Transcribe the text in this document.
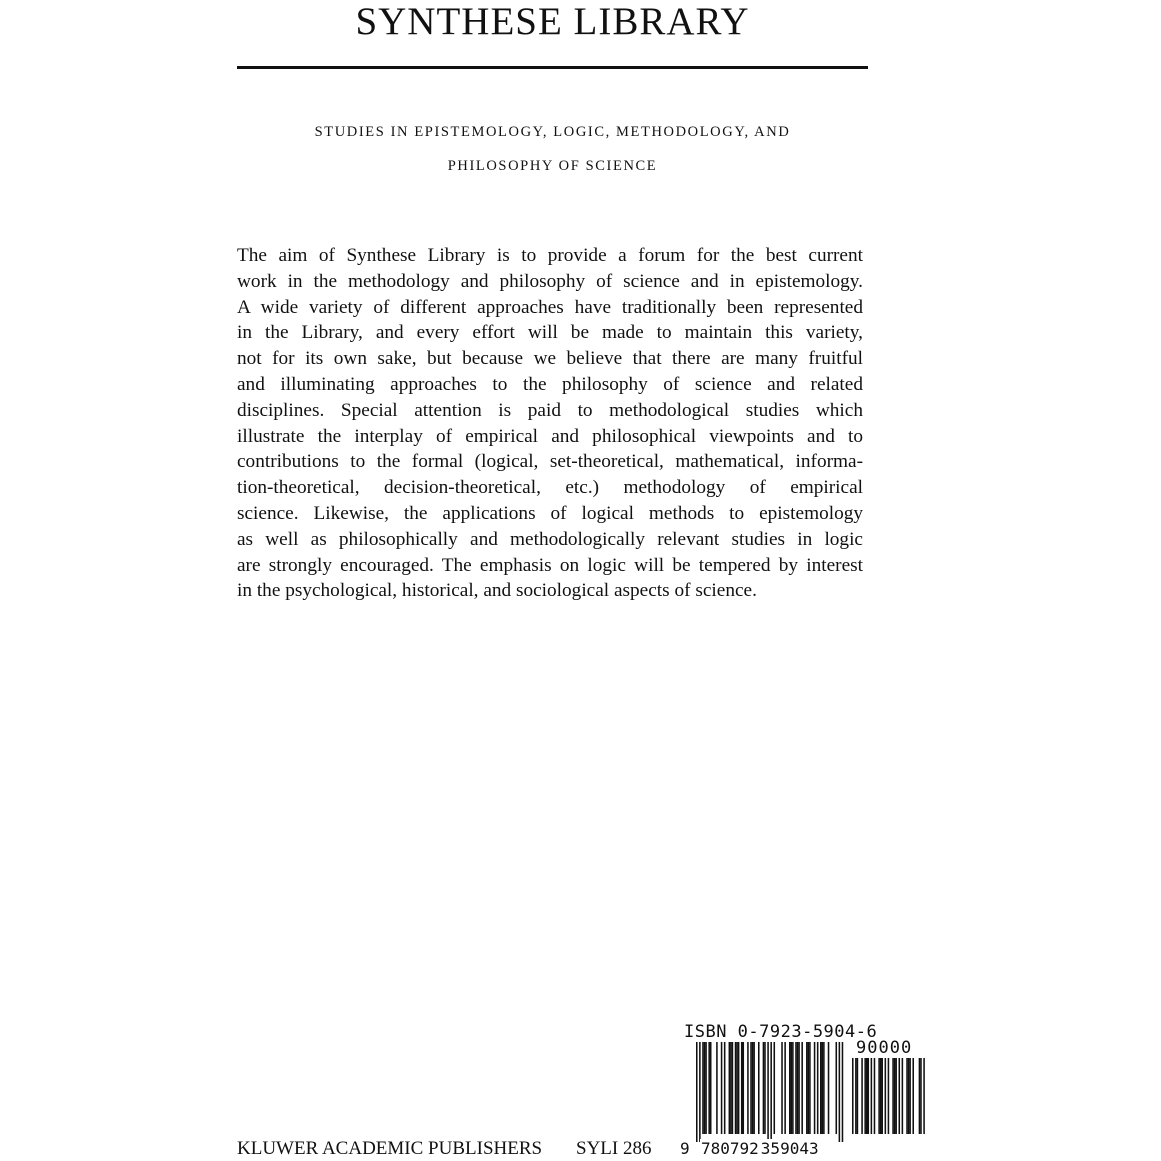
SYNTHESE LIBRARY

STUDIES IN EPISTEMOLOGY, LOGIC, METHODOLOGY, AND

PHILOSOPHY OF SCIENCE

The aim of Synthese Library is to provide a forum for the best current
work in the methodology and philosophy of science and in epistemology.
A wide variety of different approaches have traditionally been represented
in the Library, and every effort will be made to maintain this variety,
not for its own sake, but because we believe that there are many fruitful
and illuminating approaches to the philosophy of science and related
disciplines. Special attention is paid to methodological studies which
illustrate the interplay of empirical and philosophical viewpoints and to
contributions to the formal (logical, set-theoretical, mathematical, informa-
tion-theoretical, decision-theoretical, etc.) methodology of empirical
science. Likewise, the applications of logical methods to epistemology
as well as philosophically and methodologically relevant studies in logic
are strongly encouraged. The emphasis on logic will be tempered by interest
in the psychological, historical, and sociological aspects of science.
KLUWER ACADEMIC PUBLISHERS SYLI 286
ISBN 0-7923-5904-6
90000
9 780792 359043
